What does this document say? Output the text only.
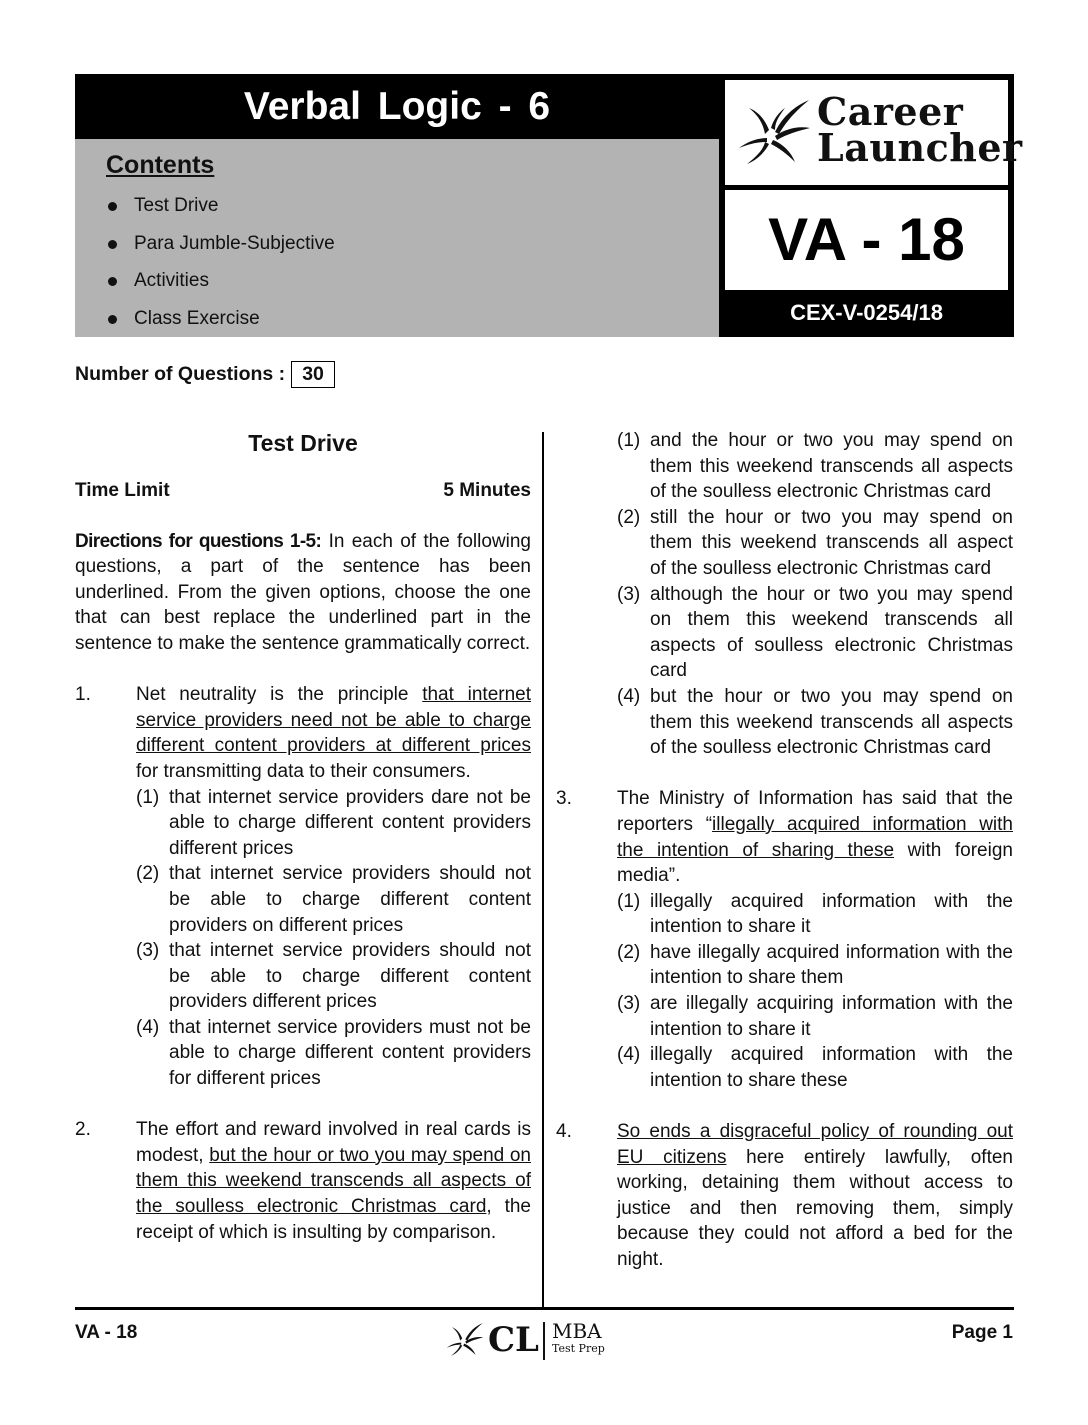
Verbal Logic - 6

Contents

Test Drive
Para Jumble-Subjective
Activities
Class Exercise
Career
Launcher
VA - 18
CEX-V-0254/18
Number of Questions : 30

Test Drive

Time Limit	5 Minutes
Directions for questions 1-5: In each of the following questions, a part of the sentence has been underlined. From the given options, choose the one that can best replace the underlined part in the sentence to make the sentence grammatically correct.
1. Net neutrality is the principle that internet service providers need not be able to charge different content providers at different prices for transmitting data to their consumers.
(1) that internet service providers dare not be able to charge different content providers different prices
(2) that internet service providers should not be able to charge different content providers on different prices
(3) that internet service providers should not be able to charge different content providers different prices
(4) that internet service providers must not be able to charge different content providers for different prices
2. The effort and reward involved in real cards is modest, but the hour or two you may spend on them this weekend transcends all aspects of the soulless electronic Christmas card, the receipt of which is insulting by comparison.
(1) and the hour or two you may spend on them this weekend transcends all aspects of the soulless electronic Christmas card
(2) still the hour or two you may spend on them this weekend transcends all aspect of the soulless electronic Christmas card
(3) although the hour or two you may spend on them this weekend transcends all aspects of soulless electronic Christmas card
(4) but the hour or two you may spend on them this weekend transcends all aspects of the soulless electronic Christmas card
3. The Ministry of Information has said that the reporters “illegally acquired information with the intention of sharing these with foreign media”.
(1) illegally acquired information with the intention to share it
(2) have illegally acquired information with the intention to share them
(3) are illegally acquiring information with the intention to share it
(4) illegally acquired information with the intention to share these
4. So ends a disgraceful policy of rounding out EU citizens here entirely lawfully, often working, detaining them without access to justice and then removing them, simply because they could not afford a bed for the night.
VA - 18	CL MBA
Test Prep
Page 1
